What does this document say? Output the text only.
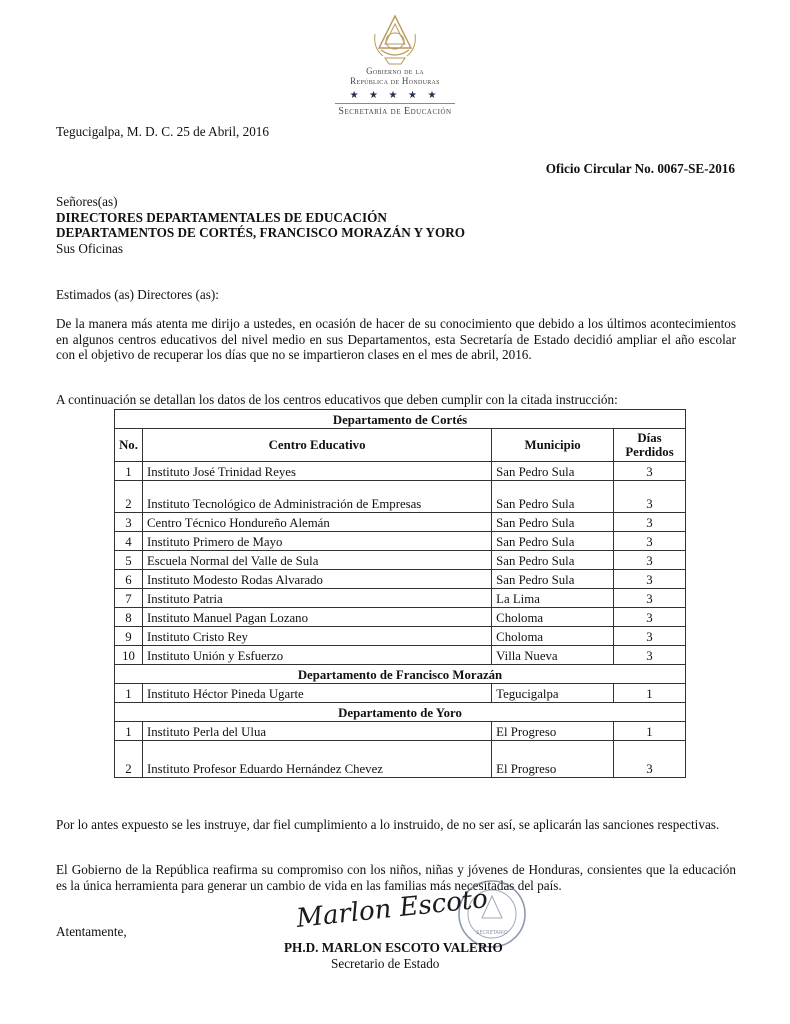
Gobierno de la
República de Honduras
★ ★ ★ ★ ★
Secretaría de Educación
Tegucigalpa, M. D. C. 25 de Abril, 2016
Oficio Circular No. 0067-SE-2016
Señores(as)
DIRECTORES DEPARTAMENTALES DE EDUCACIÓN
DEPARTAMENTOS DE CORTÉS, FRANCISCO MORAZÁN Y YORO
Sus Oficinas
Estimados (as) Directores (as):
De la manera más atenta me dirijo a ustedes, en ocasión de hacer de su conocimiento que debido a los últimos acontecimientos en algunos centros educativos del nivel medio en sus Departamentos, esta Secretaría de Estado decidió ampliar el año escolar con el objetivo de recuperar los días que no se impartieron clases en el mes de abril, 2016.
A continuación se detallan los datos de los centros educativos que deben cumplir con la citada instrucción:
Departamento de Cortés			
No.	Centro Educativo	Municipio	Días Perdidos
1	Instituto José Trinidad Reyes	San Pedro Sula	3
2	Instituto Tecnológico de Administración de Empresas	San Pedro Sula	3
3	Centro Técnico Hondureño Alemán	San Pedro Sula	3
4	Instituto Primero de Mayo	San Pedro Sula	3
5	Escuela Normal del Valle de Sula	San Pedro Sula	3
6	Instituto Modesto Rodas Alvarado	San Pedro Sula	3
7	Instituto Patria	La Lima	3
8	Instituto Manuel Pagan Lozano	Choloma	3
9	Instituto Cristo Rey	Choloma	3
10	Instituto Unión y Esfuerzo	Villa Nueva	3
Departamento de Francisco Morazán			
1	Instituto Héctor Pineda Ugarte	Tegucigalpa	1
Departamento de Yoro			
1	Instituto Perla del Ulua	El Progreso	1
2	Instituto Profesor Eduardo Hernández Chevez	El Progreso	3
Por lo antes expuesto se les instruye, dar fiel cumplimiento a lo instruido, de no ser así, se aplicarán las sanciones respectivas.
El Gobierno de la República reafirma su compromiso con los niños, niñas y jóvenes de Honduras, consientes que la educación es la única herramienta para generar un cambio de vida en las familias más necesitadas del país.
Atentamente,	SECRETARIO
Marlon Escoto
PH.D. MARLON ESCOTO VALERIO
Secretario de Estado
